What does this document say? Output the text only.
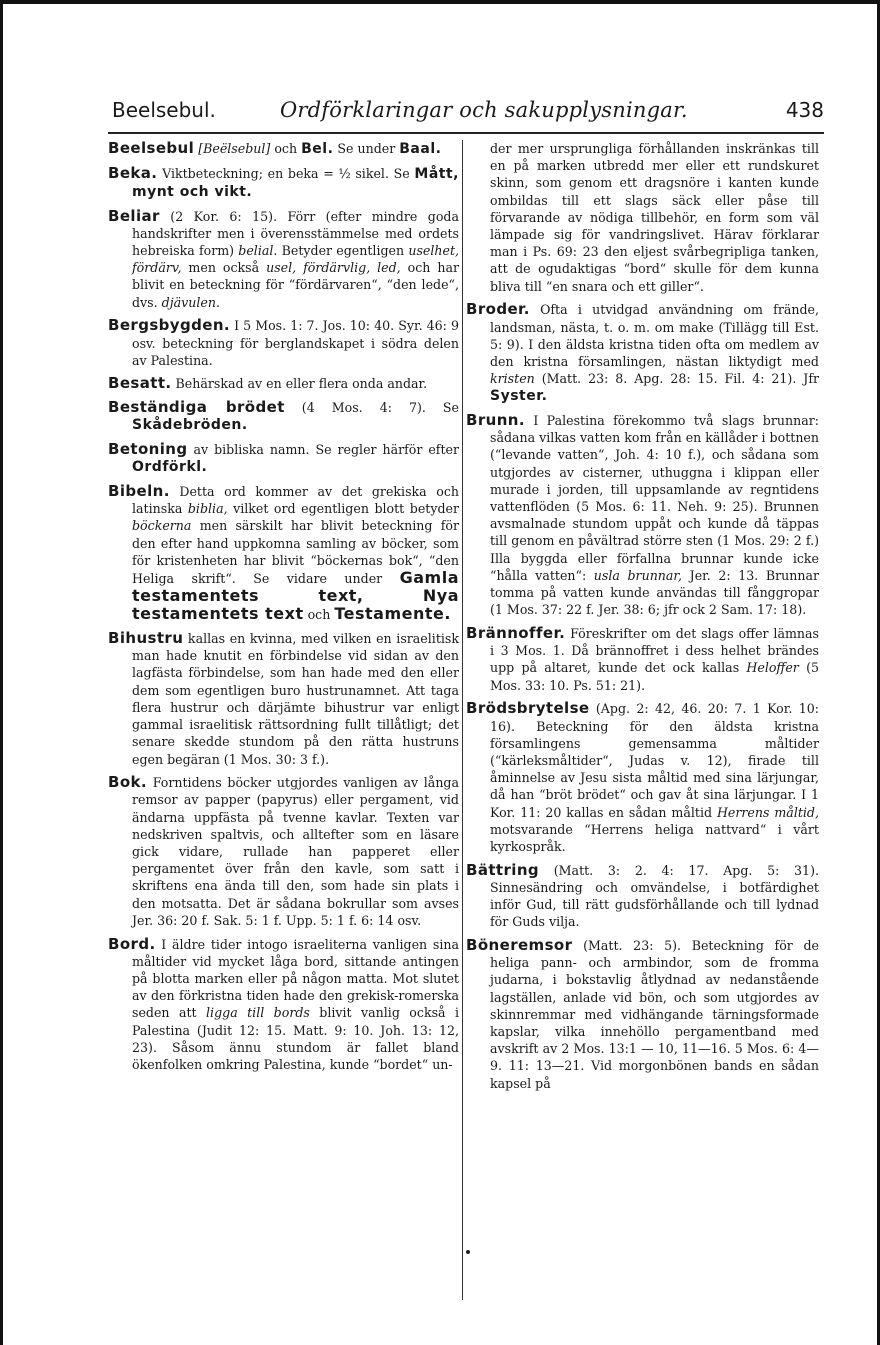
Beelsebul.	Ordförklaringar och sakupplysningar.	438

Beelsebul [Beëlsebul] och Bel. Se under Baal.

Beka. Viktbeteckning; en beka = ½ sikel. Se Mått, mynt och vikt.

Beliar (2 Kor. 6: 15). Förr (efter mindre goda handskrifter men i överensstämmelse med ordets hebreiska form) belial. Betyder egentligen uselhet, fördärv, men också usel, fördärvlig, led, och har blivit en beteckning för “fördärvaren“, “den lede“, dvs. djävulen.

Bergsbygden. I 5 Mos. 1: 7. Jos. 10: 40. Syr. 46: 9 osv. beteckning för berglandskapet i södra delen av Palestina.

Besatt. Behärskad av en eller flera onda andar.

Beständiga brödet (4 Mos. 4: 7). Se Skådebröden.

Betoning av bibliska namn. Se regler härför efter Ordförkl.

Bibeln. Detta ord kommer av det grekiska och latinska biblia, vilket ord egentligen blott betyder böckerna men särskilt har blivit beteckning för den efter hand uppkomna samling av böcker, som för kristenheten har blivit “böckernas bok“, “den Heliga skrift“. Se vidare under Gamla testamentets text, Nya testamentets text och Testamente.

Bihustru kallas en kvinna, med vilken en israelitisk man hade knutit en förbindelse vid sidan av den lagfästa förbindelse, som han hade med den eller dem som egentligen buro hustrunamnet. Att taga flera hustrur och därjämte bihustrur var enligt gammal israelitisk rättsordning fullt tillåtligt; det senare skedde stundom på den rätta hustruns egen begäran (1 Mos. 30: 3 f.).

Bok. Forntidens böcker utgjordes vanligen av långa remsor av papper (papyrus) eller pergament, vid ändarna uppfästa på tvenne kavlar. Texten var nedskriven spaltvis, och alltefter som en läsare gick vidare, rullade han papperet eller pergamentet över från den kavle, som satt i skriftens ena ända till den, som hade sin plats i den motsatta. Det är sådana bokrullar som avses Jer. 36: 20 f. Sak. 5: 1 f. Upp. 5: 1 f. 6: 14 osv.

Bord. I äldre tider intogo israeliterna vanligen sina måltider vid mycket låga bord, sittande antingen på blotta marken eller på någon matta. Mot slutet av den förkristna tiden hade den grekisk-romerska seden att ligga till bords blivit vanlig också i Palestina (Judit 12: 15. Matt. 9: 10. Joh. 13: 12, 23). Såsom ännu stundom är fallet bland ökenfolken omkring Palestina, kunde “bordet“ un-

der mer ursprungliga förhållanden inskränkas till en på marken utbredd mer eller ett rundskuret skinn, som genom ett dragsnöre i kanten kunde ombildas till ett slags säck eller påse till förvarande av nödiga tillbehör, en form som väl lämpade sig för vandringslivet. Härav förklarar man i Ps. 69: 23 den eljest svårbegripliga tanken, att de ogudaktigas “bord“ skulle för dem kunna bliva till “en snara och ett giller“.

Broder. Ofta i utvidgad användning om frände, landsman, nästa, t. o. m. om make (Tillägg till Est. 5: 9). I den äldsta kristna tiden ofta om medlem av den kristna församlingen, nästan liktydigt med kristen (Matt. 23: 8. Apg. 28: 15. Fil. 4: 21). Jfr Syster.

Brunn. I Palestina förekommo två slags brunnar: sådana vilkas vatten kom från en källåder i bottnen (“levande vatten“, Joh. 4: 10 f.), och sådana som utgjordes av cisterner, uthuggna i klippan eller murade i jorden, till uppsamlande av regntidens vattenflöden (5 Mos. 6: 11. Neh. 9: 25). Brunnen avsmalnade stundom uppåt och kunde då täppas till genom en påvältrad större sten (1 Mos. 29: 2 f.) Illa byggda eller förfallna brunnar kunde icke “hålla vatten“: usla brunnar, Jer. 2: 13. Brunnar tomma på vatten kunde användas till fånggropar (1 Mos. 37: 22 f. Jer. 38: 6; jfr ock 2 Sam. 17: 18).

Brännoffer. Föreskrifter om det slags offer lämnas i 3 Mos. 1. Då brännoffret i dess helhet brändes upp på altaret, kunde det ock kallas Heloffer (5 Mos. 33: 10. Ps. 51: 21).

Brödsbrytelse (Apg. 2: 42, 46. 20: 7. 1 Kor. 10: 16). Beteckning för den äldsta kristna församlingens gemensamma måltider (“kärleksmåltider“, Judas v. 12), firade till åminnelse av Jesu sista måltid med sina lärjungar, då han “bröt brödet“ och gav åt sina lärjungar. I 1 Kor. 11: 20 kallas en sådan måltid Herrens måltid, motsvarande “Herrens heliga nattvard“ i vårt kyrkospråk.

Bättring (Matt. 3: 2. 4: 17. Apg. 5: 31). Sinnesändring och omvändelse, i botfärdighet inför Gud, till rätt gudsförhållande och till lydnad för Guds vilja.

Böneremsor (Matt. 23: 5). Beteckning för de heliga pann- och armbindor, som de fromma judarna, i bokstavlig åtlydnad av nedanstående lagställen, anlade vid bön, och som utgjordes av skinnremmar med vidhängande tärningsformade kapslar, vilka innehöllo pergamentband med avskrift av 2 Mos. 13:1 — 10, 11—16. 5 Mos. 6: 4—9. 11: 13—21. Vid morgonbönen bands en sådan kapsel på
